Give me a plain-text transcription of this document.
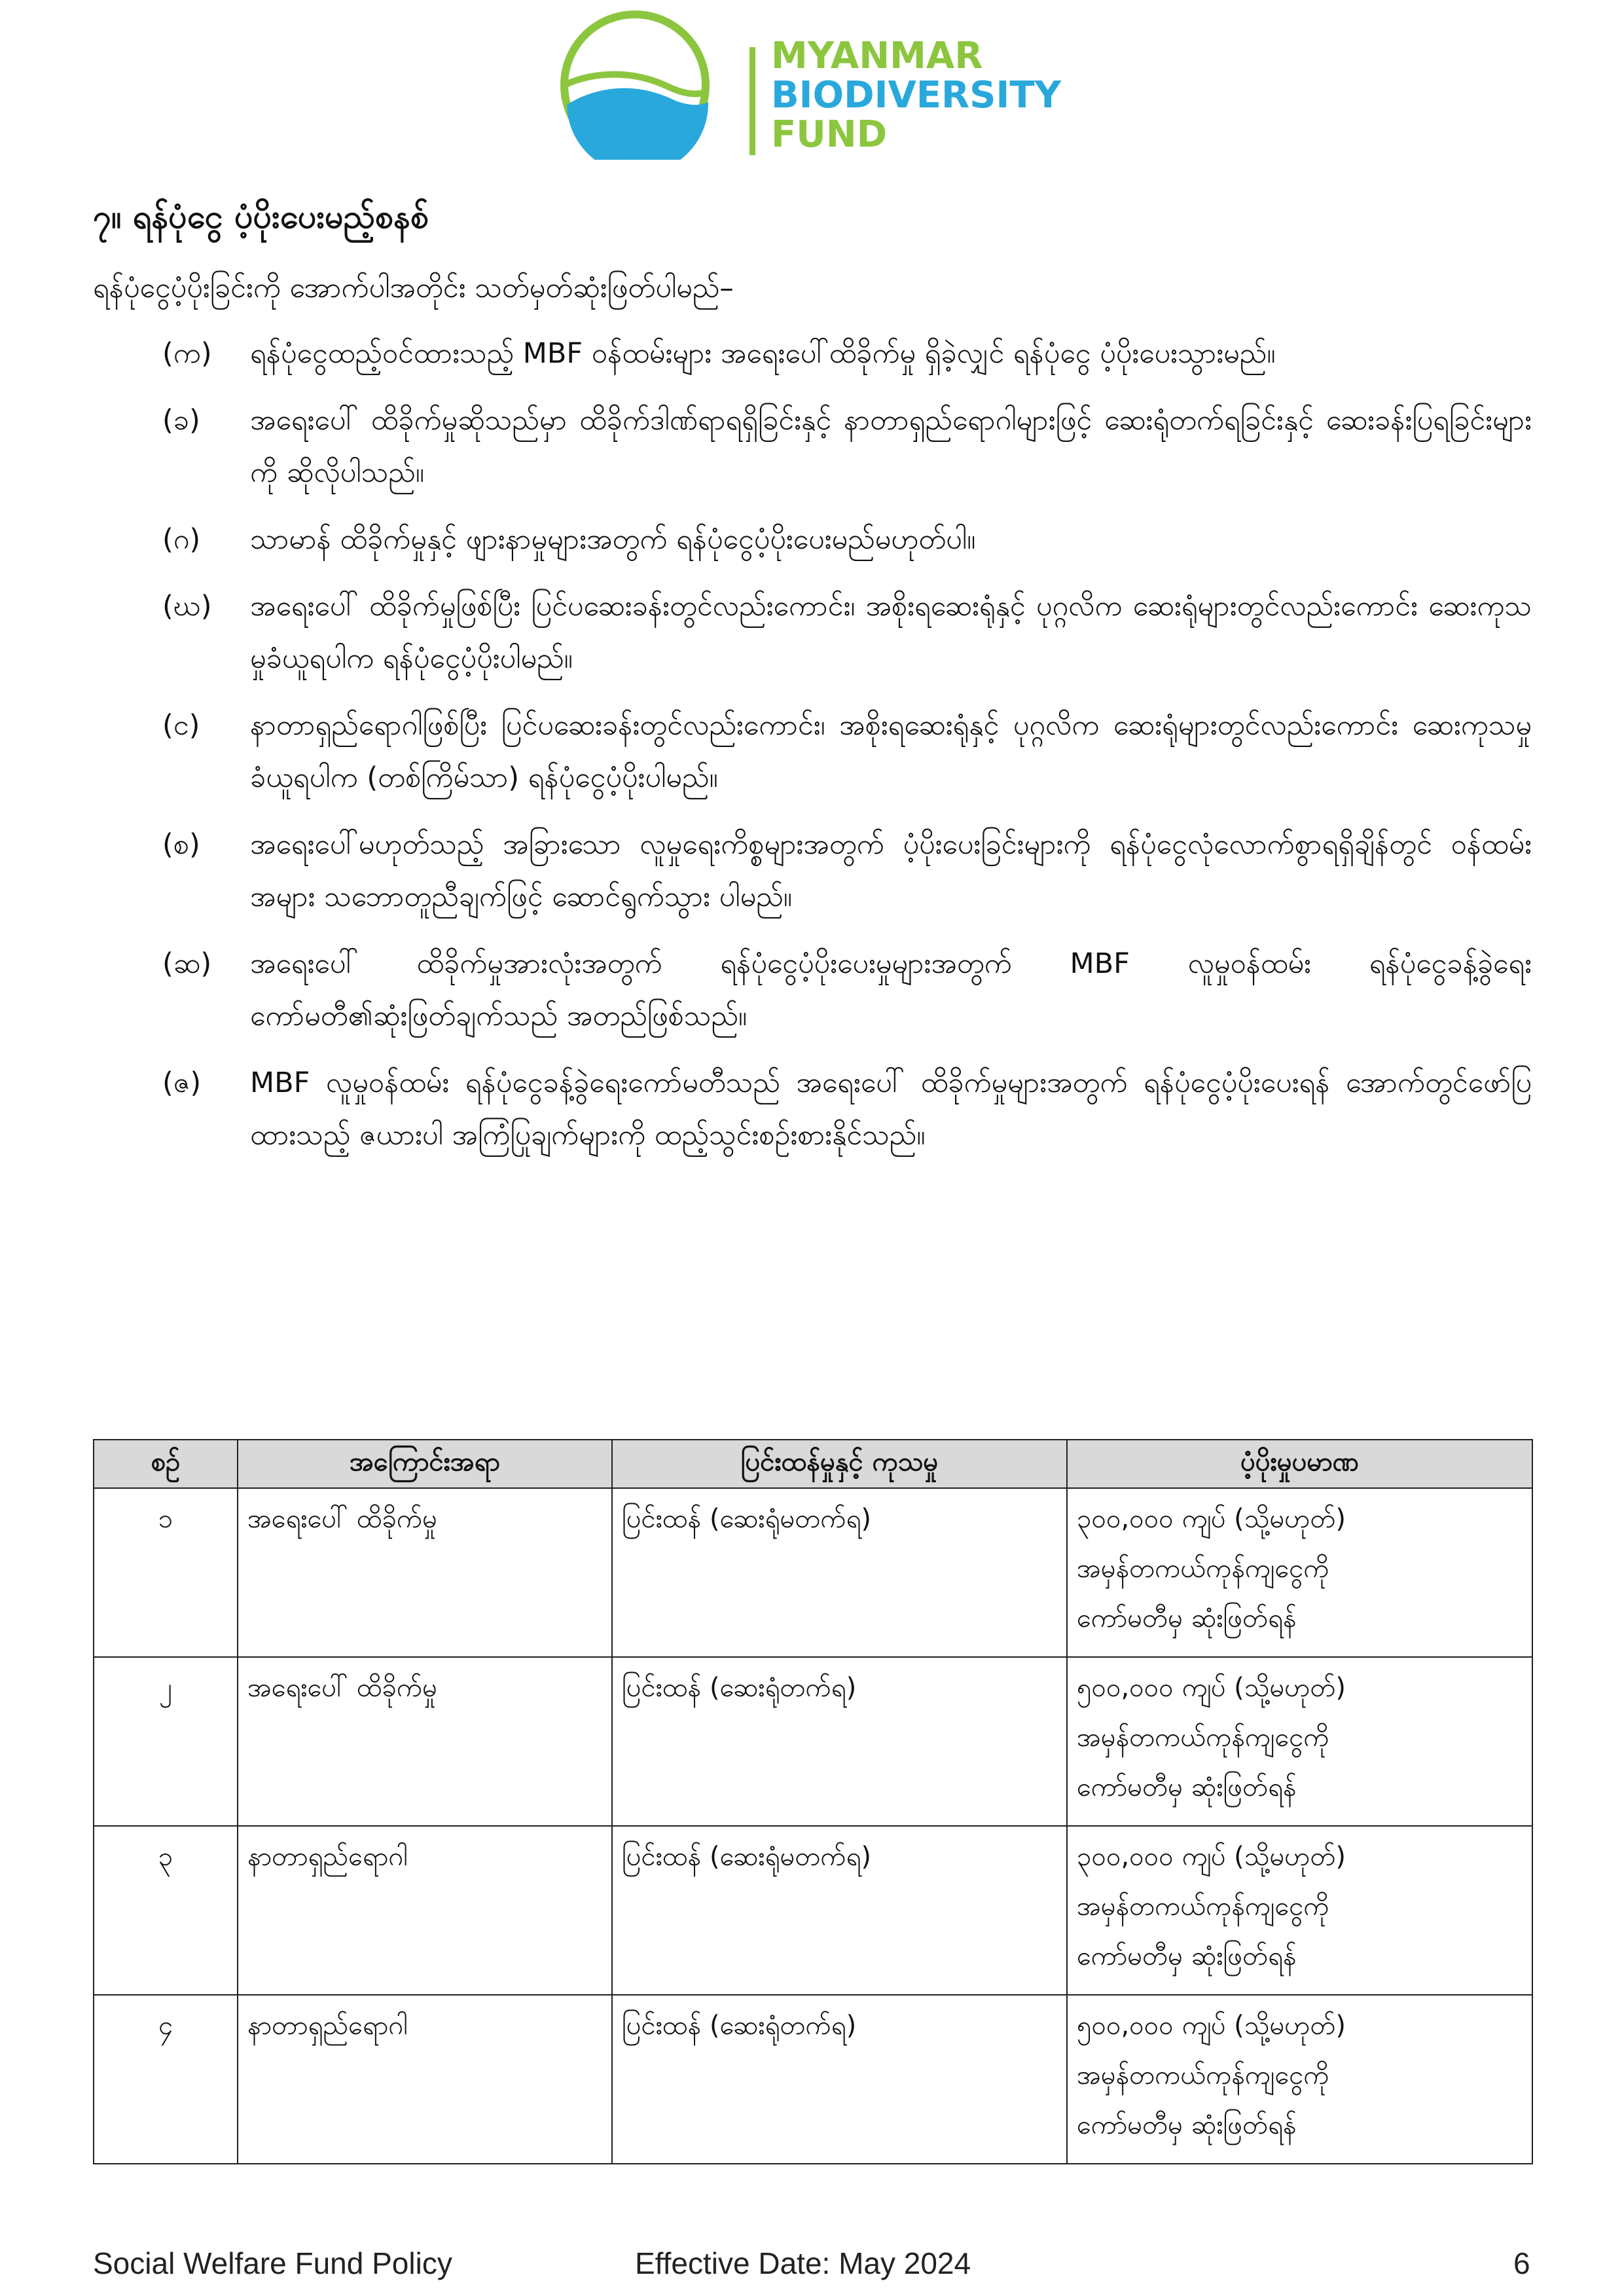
MYANMAR
BIODIVERSITY
FUND
၇။ ရန်ပုံငွေ ပံ့ပိုးပေးမည့်စနစ်
ရန်ပုံငွေပံ့ပိုးခြင်းကို အောက်ပါအတိုင်း သတ်မှတ်ဆုံးဖြတ်ပါမည်–
(က)	ရန်ပုံငွေထည့်ဝင်ထားသည့် MBF ဝန်ထမ်းများ အရေးပေါ်ထိခိုက်မှု ရှိခဲ့လျှင် ရန်ပုံငွေ ပံ့ပိုးပေးသွားမည်။
(ခ)	အရေးပေါ် ထိခိုက်မှုဆိုသည်မှာ ထိခိုက်ဒါဏ်ရာရရှိခြင်းနှင့် နာတာရှည်ရောဂါများဖြင့် ဆေးရုံတက်ရခြင်းနှင့် ဆေးခန်းပြရခြင်းများကို ဆိုလိုပါသည်။
(ဂ)	သာမာန် ထိခိုက်မှုနှင့် ဖျားနာမှုများအတွက် ရန်ပုံငွေပံ့ပိုးပေးမည်မဟုတ်ပါ။
(ဃ)	အရေးပေါ် ထိခိုက်မှုဖြစ်ပြီး ပြင်ပဆေးခန်းတွင်လည်းကောင်း၊ အစိုးရဆေးရုံနှင့် ပုဂ္ဂလိက ဆေးရုံများတွင်လည်းကောင်း ဆေးကုသမှုခံယူရပါက ရန်ပုံငွေပံ့ပိုးပါမည်။
(င)	နာတာရှည်ရောဂါဖြစ်ပြီး ပြင်ပဆေးခန်းတွင်လည်းကောင်း၊ အစိုးရဆေးရုံနှင့် ပုဂ္ဂလိက ဆေးရုံများတွင်လည်းကောင်း ဆေးကုသမှုခံယူရပါက (တစ်ကြိမ်သာ) ရန်ပုံငွေပံ့ပိုးပါမည်။
(စ)	အရေးပေါ်မဟုတ်သည့် အခြားသော လူမှုရေးကိစ္စများအတွက် ပံ့ပိုးပေးခြင်းများကို ရန်ပုံငွေလုံလောက်စွာရရှိချိန်တွင် ဝန်ထမ်းအများ သဘောတူညီချက်ဖြင့် ဆောင်ရွက်သွား ပါမည်။
(ဆ)	အရေးပေါ် ထိခိုက်မှုအားလုံးအတွက် ရန်ပုံငွေပံ့ပိုးပေးမှုများအတွက် MBF လူမှုဝန်ထမ်း ရန်ပုံငွေခန့်ခွဲရေးကော်မတီ၏ဆုံးဖြတ်ချက်သည် အတည်ဖြစ်သည်။
(ဇ)	MBF လူမှုဝန်ထမ်း ရန်ပုံငွေခန့်ခွဲရေးကော်မတီသည် အရေးပေါ် ထိခိုက်မှုများအတွက် ရန်ပုံငွေပံ့ပိုးပေးရန် အောက်တွင်ဖော်ပြထားသည့် ဇယားပါ အကြံပြုချက်များကို ထည့်သွင်းစဉ်းစားနိုင်သည်။
စဉ်	အကြောင်းအရာ	ပြင်းထန်မှုနှင့် ကုသမှု	ပံ့ပိုးမှုပမာဏ
၁	အရေးပေါ် ထိခိုက်မှု	ပြင်းထန် (ဆေးရုံမတက်ရ)	၃၀၀,၀၀၀ ကျပ် (သို့မဟုတ်)
အမှန်တကယ်ကုန်ကျငွေကို
ကော်မတီမှ ဆုံးဖြတ်ရန်

၂	အရေးပေါ် ထိခိုက်မှု	ပြင်းထန် (ဆေးရုံတက်ရ)	၅၀၀,၀၀၀ ကျပ် (သို့မဟုတ်)
အမှန်တကယ်ကုန်ကျငွေကို
ကော်မတီမှ ဆုံးဖြတ်ရန်

၃	နာတာရှည်ရောဂါ	ပြင်းထန် (ဆေးရုံမတက်ရ)	၃၀၀,၀၀၀ ကျပ် (သို့မဟုတ်)
အမှန်တကယ်ကုန်ကျငွေကို
ကော်မတီမှ ဆုံးဖြတ်ရန်

၄	နာတာရှည်ရောဂါ	ပြင်းထန် (ဆေးရုံတက်ရ)	၅၀၀,၀၀၀ ကျပ် (သို့မဟုတ်)
အမှန်တကယ်ကုန်ကျငွေကို
ကော်မတီမှ ဆုံးဖြတ်ရန်
Social Welfare Fund Policy	Effective Date: May 2024	6
